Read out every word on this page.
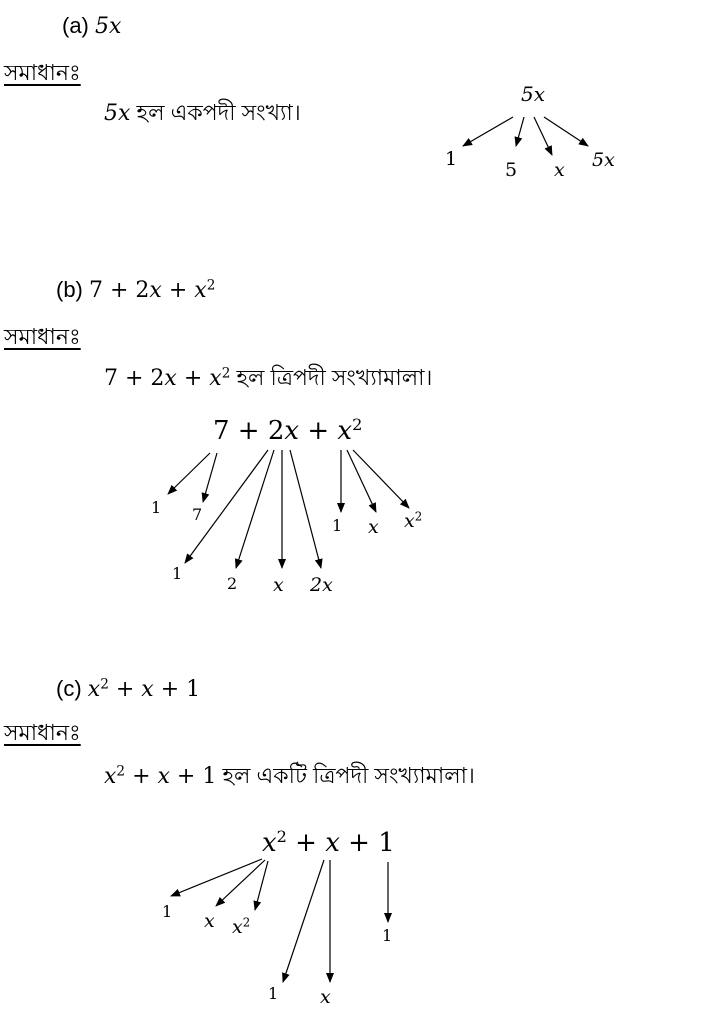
(a) 5x
সমাধানঃ
5x হল একপদী সংখ্যা।
5x
1	5 x 5x
(b) $7 + 2x + x^2$
সমাধানঃ
$7 + 2x + x^2$ হল ত্রিপদী সংখ্যামালা।
$7 + 2x + x^2$
1 7
1
2 x 2x
1 x $x^2$
(c) $x^2 + x + 1$
সমাধানঃ
$x^2 + x + 1$ হল একটি ত্রিপদী সংখ্যামালা।
$x^2 + x + 1$
1 x $x^2$
1 x
1
